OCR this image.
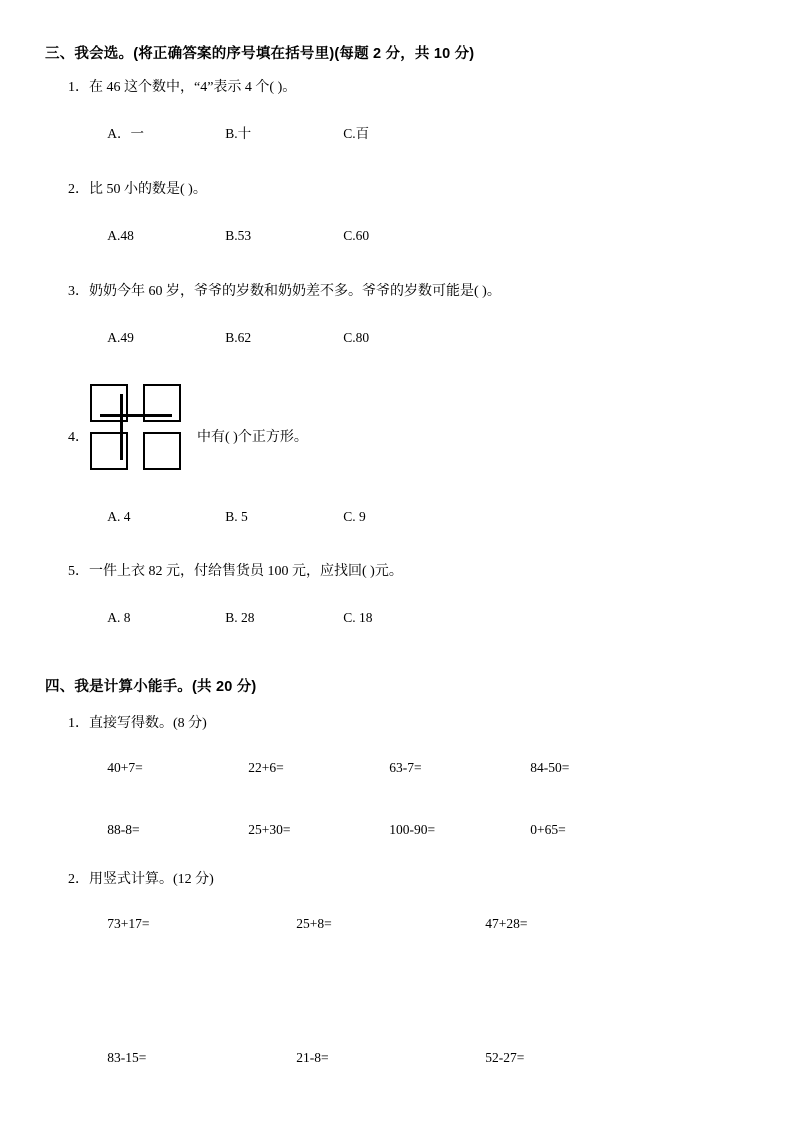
三、我会选。(将正确答案的序号填在括号里)(每题 2 分，共 10 分)
1．在 46 这个数中，“4”表示 4 个( )。

A．一	B.十	C.百

2．比 50 小的数是( )。

A.48	B.53	C.60

3．奶奶今年 60 岁，爷爷的岁数和奶奶差不多。爷爷的岁数可能是( )。

A.49	B.62	C.80

4．	中有( )个正方形。

A. 4	B. 5	C. 9

5．一件上衣 82 元，付给售货员 100 元，应找回( )元。

A. 8	B. 28	C. 18

四、我是计算小能手。(共 20 分)
1．直接写得数。(8 分)

40+7=	22+6=	63-7=	84-50=

88-8=	25+30=	100-90=	0+65=

2．用竖式计算。(12 分)

73+17=	25+8=	47+28=

83-15=	21-8=	52-27=
